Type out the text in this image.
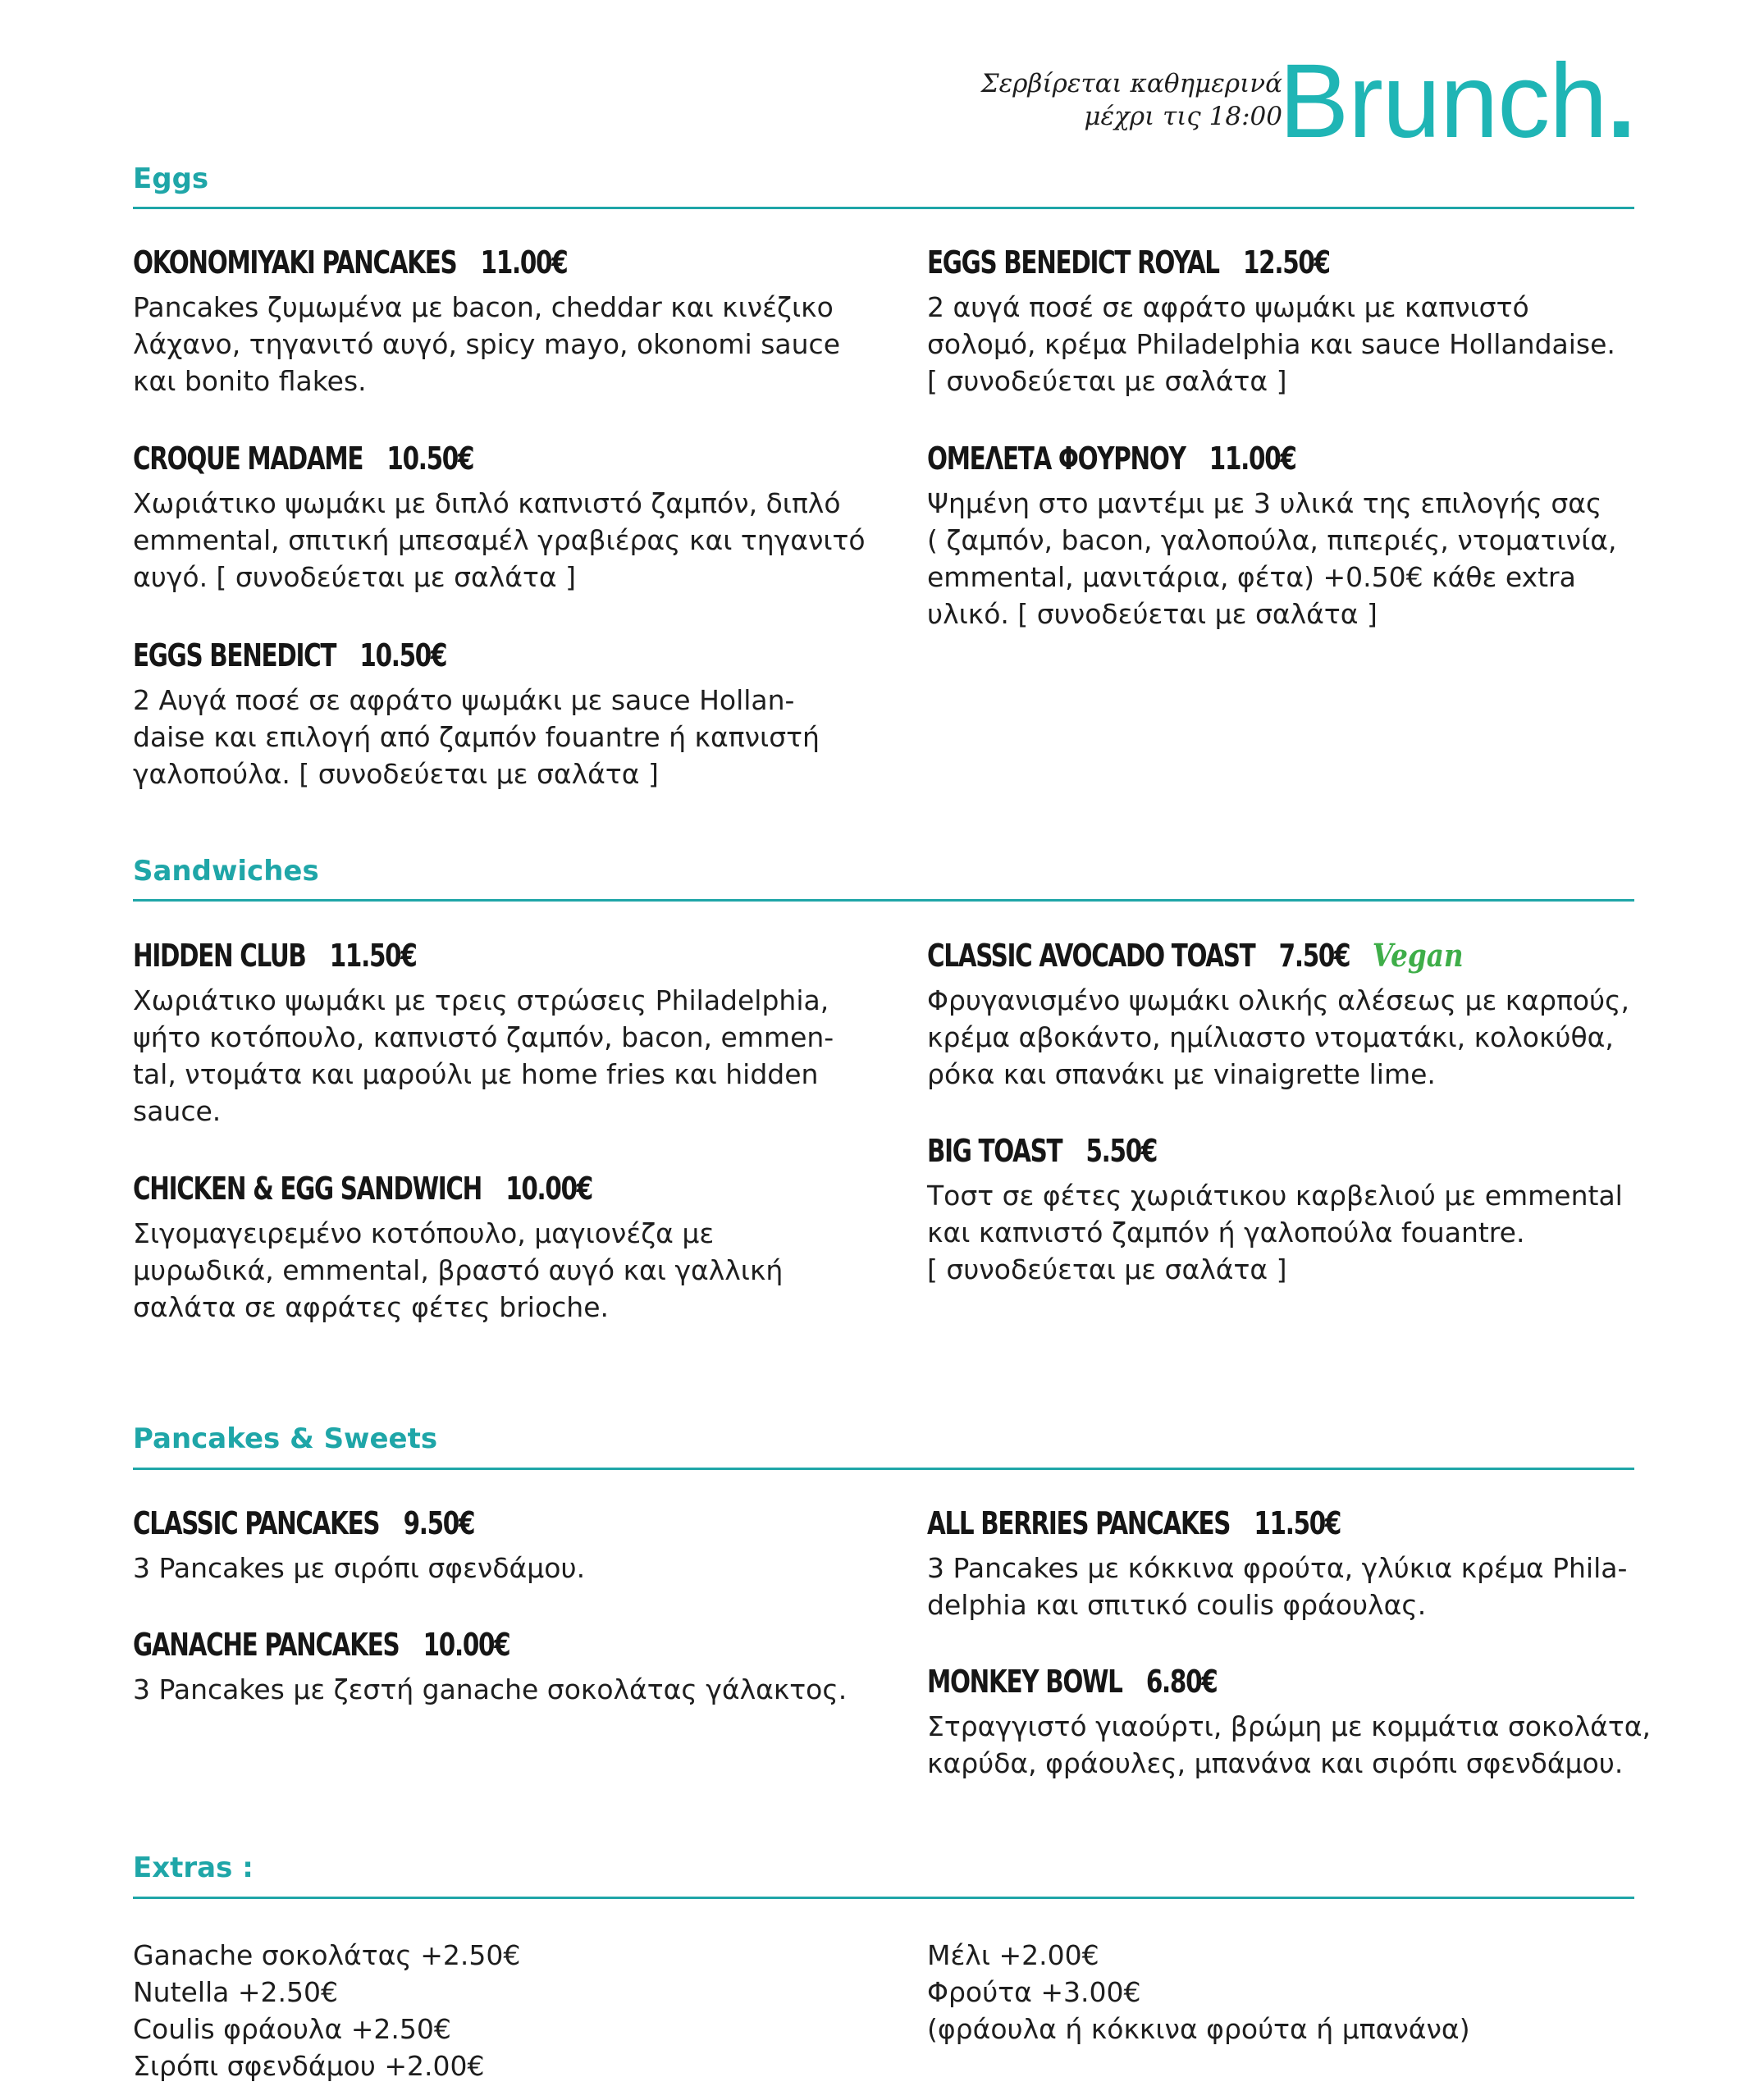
Σερβίρεται καθημερινά
μέχρι τις 18:00
Brunch.
Eggs
OKONOMIYAKI PANCAKES 11.00€
Pancakes ζυμωμένα με bacon, cheddar και κινέζικο
λάχανο, τηγανιτό αυγό, spicy mayo, okonomi sauce
και bonito flakes.
CROQUE MADAME 10.50€
Χωριάτικο ψωμάκι με διπλό καπνιστό ζαμπόν, διπλό
emmental, σπιτική μπεσαμέλ γραβιέρας και τηγανιτό
αυγό. [ συνοδεύεται με σαλάτα ]
EGGS BENEDICT 10.50€
2 Αυγά ποσέ σε αφράτο ψωμάκι με sauce Hollan-
daise και επιλογή από ζαμπόν fouantre ή καπνιστή
γαλοπούλα. [ συνοδεύεται με σαλάτα ]
EGGS BENEDICT ROYAL 12.50€
2 αυγά ποσέ σε αφράτο ψωμάκι με καπνιστό
σολομό, κρέμα Philadelphia και sauce Hollandaise.
[ συνοδεύεται με σαλάτα ]
ΟΜΕΛΕΤΑ ΦΟΥΡΝΟΥ 11.00€
Ψημένη στο μαντέμι με 3 υλικά της επιλογής σας
( ζαμπόν, bacon, γαλοπούλα, πιπεριές, ντοματινία,
emmental, μανιτάρια, φέτα) +0.50€ κάθε extra
υλικό. [ συνοδεύεται με σαλάτα ]
Sandwiches
HIDDEN CLUB 11.50€
Χωριάτικο ψωμάκι με τρεις στρώσεις Philadelphia,
ψήτο κοτόπουλο, καπνιστό ζαμπόν, bacon, emmen-
tal, ντομάτα και μαρούλι με home fries και hidden
sauce.
CHICKEN & EGG SANDWICH 10.00€
Σιγομαγειρεμένο κοτόπουλο, μαγιονέζα με
μυρωδικά, emmental, βραστό αυγό και γαλλική
σαλάτα σε αφράτες φέτες brioche.
CLASSIC AVOCADO TOAST 7.50€ Vegan
Φρυγανισμένο ψωμάκι ολικής αλέσεως με καρπούς,
κρέμα αβοκάντο, ημίλιαστο ντοματάκι, κολοκύθα,
ρόκα και σπανάκι με vinaigrette lime.
BIG TOAST 5.50€
Τοστ σε φέτες χωριάτικου καρβελιού με emmental
και καπνιστό ζαμπόν ή γαλοπούλα fouantre.
[ συνοδεύεται με σαλάτα ]
Pancakes & Sweets
CLASSIC PANCAKES 9.50€
3 Pancakes με σιρόπι σφενδάμου.
GANACHE PANCAKES 10.00€
3 Pancakes με ζεστή ganache σοκολάτας γάλακτος.
ALL BERRIES PANCAKES 11.50€
3 Pancakes με κόκκινα φρούτα, γλύκια κρέμα Phila-
delphia και σπιτικό coulis φράουλας.
MONKEY BOWL 6.80€
Στραγγιστό γιαούρτι, βρώμη με κομμάτια σοκολάτα,
καρύδα, φράουλες, μπανάνα και σιρόπι σφενδάμου.
Extras :
Ganache σοκολάτας +2.50€
Nutella +2.50€
Coulis φράουλα +2.50€
Σιρόπι σφενδάμου +2.00€
Μέλι +2.00€
Φρούτα +3.00€
(φράουλα ή κόκκινα φρούτα ή μπανάνα)
